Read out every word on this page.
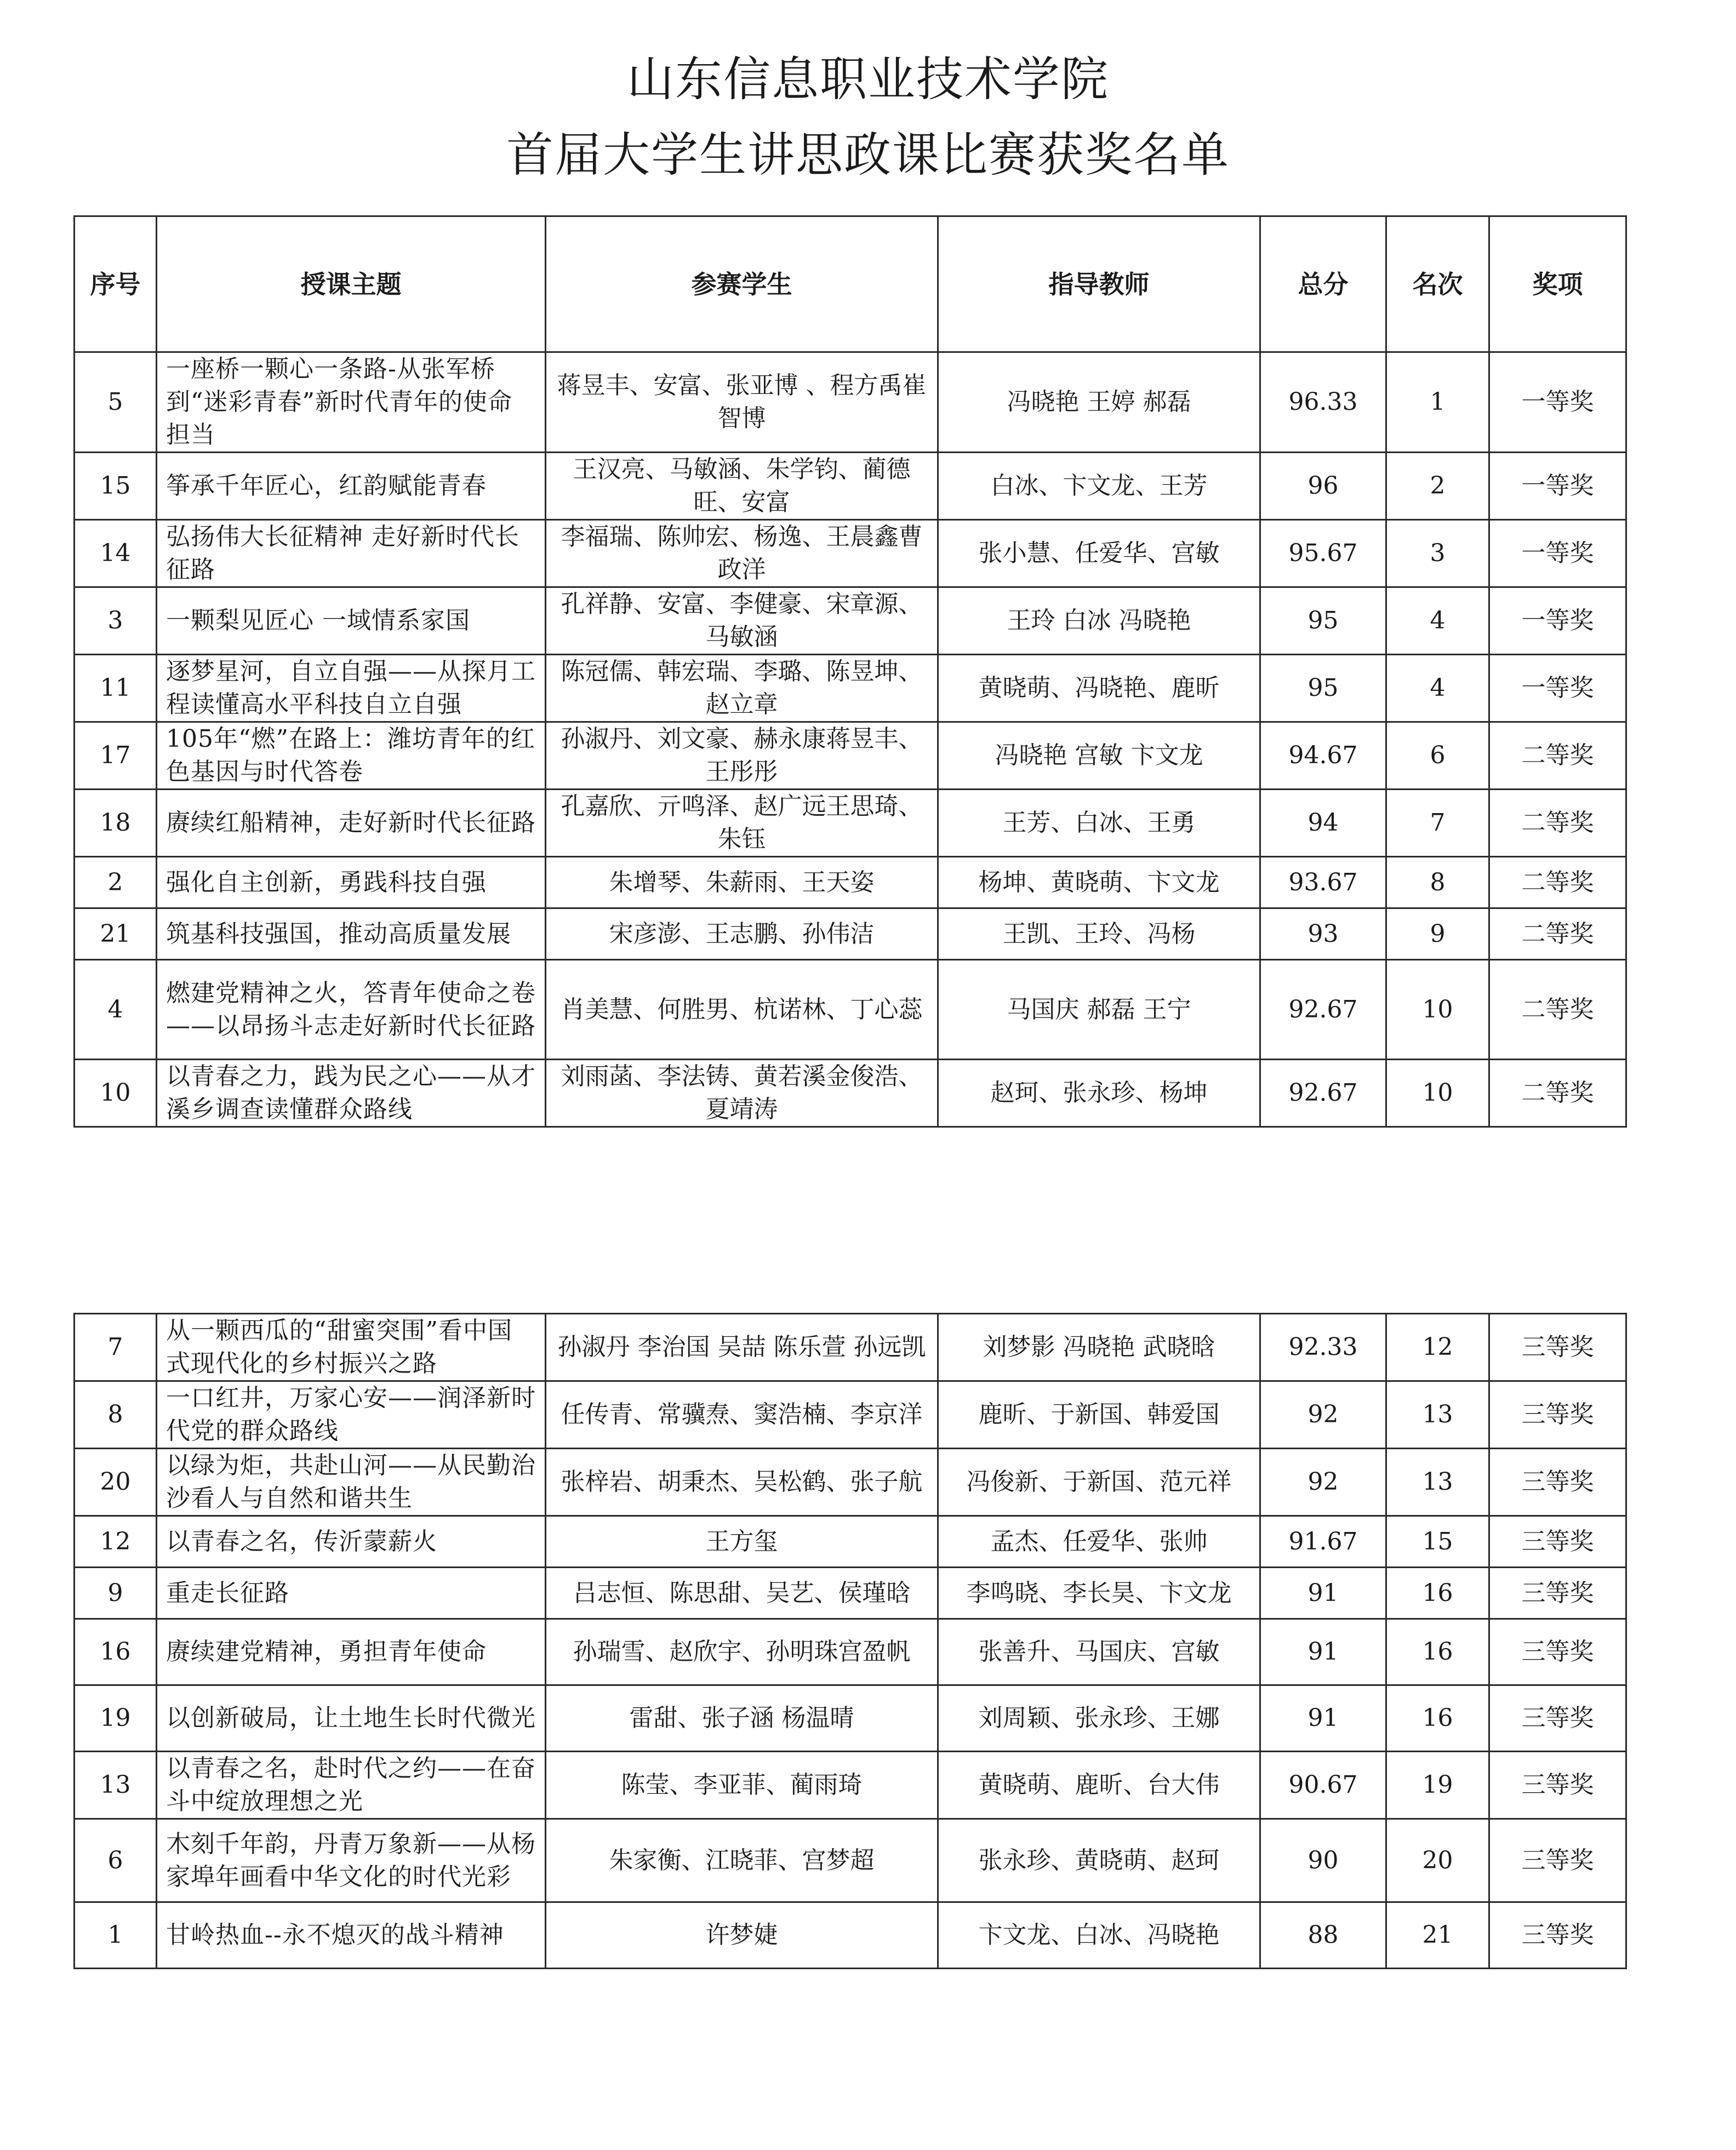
山东信息职业技术学院
首届大学生讲思政课比赛获奖名单
序号	授课主题	参赛学生	指导教师	总分	名次	奖项
5	一座桥一颗心一条路-从张军桥到“迷彩青春”新时代青年的使命担当	蒋昱丰、安富、张亚博 、程方禹崔智博	冯晓艳 王婷 郝磊	96.33	1	一等奖
15	筝承千年匠心，红韵赋能青春	王汉亮、马敏涵、朱学钧、蔺德旺、安富	白冰、卞文龙、王芳	96	2	一等奖
14	弘扬伟大长征精神 走好新时代长征路	李福瑞、陈帅宏、杨逸、王晨鑫曹政洋	张小慧、任爱华、宫敏	95.67	3	一等奖
3	一颗梨见匠心 一域情系家国	孔祥静、安富、李健豪、宋章源、马敏涵	王玲 白冰 冯晓艳	95	4	一等奖
11	逐梦星河，自立自强——从探月工程读懂高水平科技自立自强	陈冠儒、韩宏瑞、李璐、陈昱坤、赵立章	黄晓萌、冯晓艳、鹿昕	95	4	一等奖
17	105年“燃”在路上：潍坊青年的红色基因与时代答卷	孙淑丹、刘文豪、赫永康蒋昱丰、王彤彤	冯晓艳 宫敏 卞文龙	94.67	6	二等奖
18	赓续红船精神，走好新时代长征路	孔嘉欣、亓鸣泽、赵广远王思琦、朱钰	王芳、白冰、王勇	94	7	二等奖
2	强化自主创新，勇践科技自强	朱增琴、朱薪雨、王天姿	杨坤、黄晓萌、卞文龙	93.67	8	二等奖
21	筑基科技强国，推动高质量发展	宋彦澎、王志鹏、孙伟洁	王凯、王玲、冯杨	93	9	二等奖
4	燃建党精神之火，答青年使命之卷——以昂扬斗志走好新时代长征路	肖美慧、何胜男、杭诺林、丁心蕊	马国庆 郝磊 王宁	92.67	10	二等奖
10	以青春之力，践为民之心——从才溪乡调查读懂群众路线	刘雨菡、李法铸、黄若溪金俊浩、夏靖涛	赵珂、张永珍、杨坤	92.67	10	二等奖
7	从一颗西瓜的“甜蜜突围”看中国式现代化的乡村振兴之路	孙淑丹 李治国 吴喆 陈乐萱 孙远凯	刘梦影 冯晓艳 武晓晗	92.33	12	三等奖
8	一口红井，万家心安——润泽新时代党的群众路线	任传青、常骥焘、窦浩楠、李京洋	鹿昕、于新国、韩爱国	92	13	三等奖
20	以绿为炬，共赴山河——从民勤治沙看人与自然和谐共生	张梓岩、胡秉杰、吴松鹤、张子航	冯俊新、于新国、范元祥	92	13	三等奖
12	以青春之名，传沂蒙薪火	王方玺	孟杰、任爱华、张帅	91.67	15	三等奖
9	重走长征路	吕志恒、陈思甜、吴艺、侯瑾晗	李鸣晓、李长昊、卞文龙	91	16	三等奖
16	赓续建党精神，勇担青年使命	孙瑞雪、赵欣宇、孙明珠宫盈帆	张善升、马国庆、宫敏	91	16	三等奖
19	以创新破局，让土地生长时代微光	雷甜、张子涵 杨温晴	刘周颖、张永珍、王娜	91	16	三等奖
13	以青春之名，赴时代之约——在奋斗中绽放理想之光	陈莹、李亚菲、蔺雨琦	黄晓萌、鹿昕、台大伟	90.67	19	三等奖
6	木刻千年韵，丹青万象新——从杨家埠年画看中华文化的时代光彩	朱家衡、江晓菲、宫梦超	张永珍、黄晓萌、赵珂	90	20	三等奖
1	甘岭热血--永不熄灭的战斗精神	许梦婕	卞文龙、白冰、冯晓艳	88	21	三等奖
